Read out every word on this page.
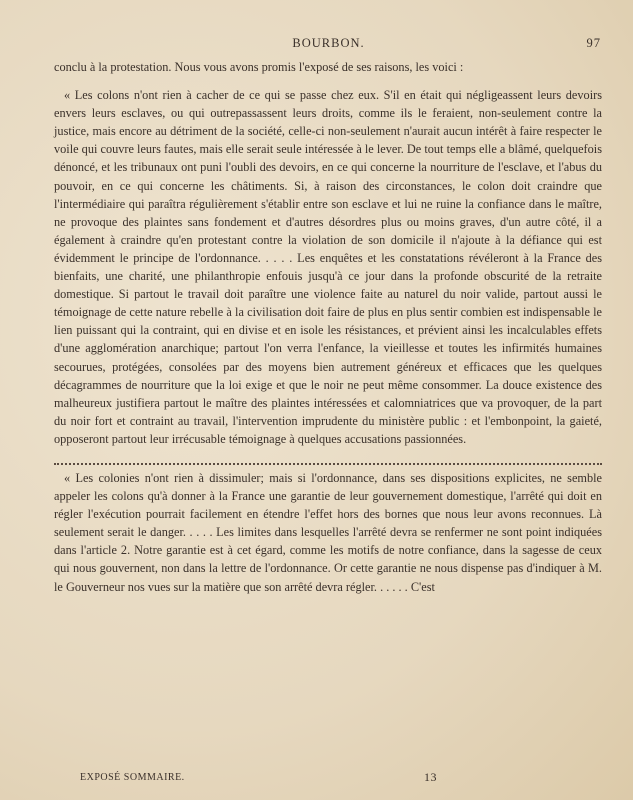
BOURBON.	97

conclu à la protestation. Nous vous avons promis l'exposé de ses raisons, les voici :

« Les colons n'ont rien à cacher de ce qui se passe chez eux. S'il en était qui négligeassent leurs devoirs envers leurs esclaves, ou qui outrepassassent leurs droits, comme ils le feraient, non-seulement contre la justice, mais encore au détriment de la société, celle-ci non-seulement n'aurait aucun intérêt à faire respecter le voile qui couvre leurs fautes, mais elle serait seule intéressée à le lever. De tout temps elle a blâmé, quelquefois dénoncé, et les tribunaux ont puni l'oubli des devoirs, en ce qui concerne la nourriture de l'esclave, et l'abus du pouvoir, en ce qui concerne les châtiments. Si, à raison des circonstances, le colon doit craindre que l'intermédiaire qui paraîtra régulièrement s'établir entre son esclave et lui ne ruine la confiance dans le maître, ne provoque des plaintes sans fondement et d'autres désordres plus ou moins graves, d'un autre côté, il a également à craindre qu'en protestant contre la violation de son domicile il n'ajoute à la défiance qui est évidemment le principe de l'ordonnance. . . . . Les enquêtes et les constatations révéleront à la France des bienfaits, une charité, une philanthropie enfouis jusqu'à ce jour dans la profonde obscurité de la retraite domestique. Si partout le travail doit paraître une violence faite au naturel du noir valide, partout aussi le témoignage de cette nature rebelle à la civilisation doit faire de plus en plus sentir combien est indispensable le lien puissant qui la contraint, qui en divise et en isole les résistances, et prévient ainsi les incalculables effets d'une agglomération anarchique; partout l'on verra l'enfance, la vieillesse et toutes les infirmités humaines secourues, protégées, consolées par des moyens bien autrement généreux et efficaces que les quelques décagrammes de nourriture que la loi exige et que le noir ne peut même consommer. La douce existence des malheureux justifiera partout le maître des plaintes intéressées et calomniatrices que va provoquer, de la part du noir fort et contraint au travail, l'intervention imprudente du ministère public : et l'embonpoint, la gaieté, opposeront partout leur irrécusable témoignage à quelques accusations passionnées.

« Les colonies n'ont rien à dissimuler; mais si l'ordonnance, dans ses dispositions explicites, ne semble appeler les colons qu'à donner à la France une garantie de leur gouvernement domestique, l'arrêté qui doit en régler l'exécution pourrait facilement en étendre l'effet hors des bornes que nous leur avons reconnues. Là seulement serait le danger. . . . . Les limites dans lesquelles l'arrêté devra se renfermer ne sont point indiquées dans l'article 2. Notre garantie est à cet égard, comme les motifs de notre confiance, dans la sagesse de ceux qui nous gouvernent, non dans la lettre de l'ordonnance. Or cette garantie ne nous dispense pas d'indiquer à M. le Gouverneur nos vues sur la matière que son arrêté devra régler. . . . . . C'est

EXPOSÉ SOMMAIRE.	13
